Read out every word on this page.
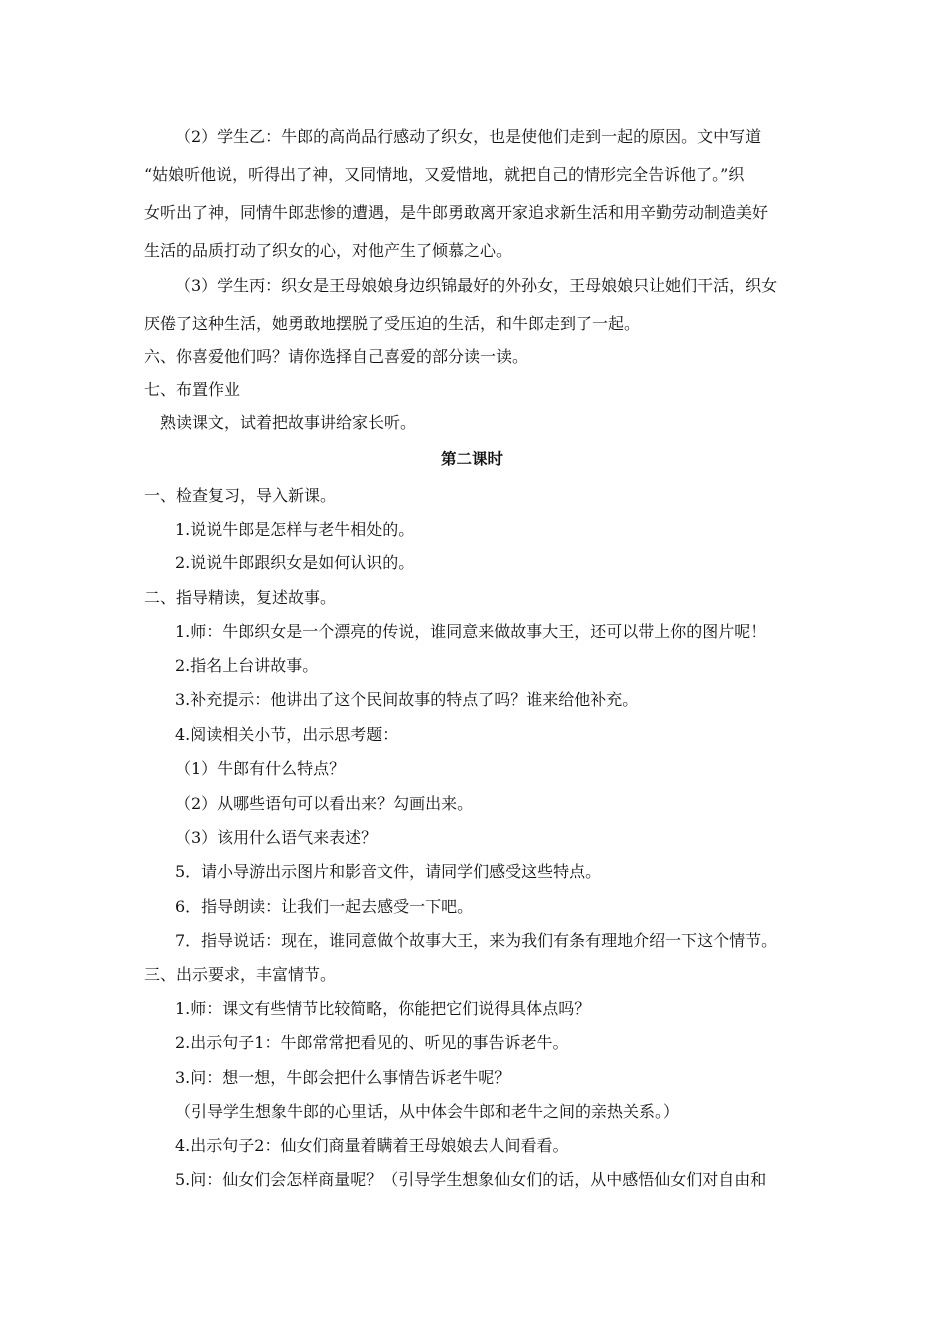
（2）学生乙：牛郎的高尚品行感动了织女，也是使他们走到一起的原因。文中写道
“姑娘听他说，听得出了神，又同情地，又爱惜地，就把自己的情形完全告诉他了。”织
女听出了神，同情牛郎悲惨的遭遇，是牛郎勇敢离开家追求新生活和用辛勤劳动制造美好
生活的品质打动了织女的心，对他产生了倾慕之心。
（3）学生丙：织女是王母娘娘身边织锦最好的外孙女，王母娘娘只让她们干活，织女
厌倦了这种生活，她勇敢地摆脱了受压迫的生活，和牛郎走到了一起。
六、你喜爱他们吗？请你选择自己喜爱的部分读一读。
七、布置作业
熟读课文，试着把故事讲给家长听。
第二课时
一、检查复习，导入新课。
1.说说牛郎是怎样与老牛相处的。
2.说说牛郎跟织女是如何认识的。
二、指导精读，复述故事。
1.师：牛郎织女是一个漂亮的传说，谁同意来做故事大王，还可以带上你的图片呢！
2.指名上台讲故事。
3.补充提示：他讲出了这个民间故事的特点了吗？谁来给他补充。
4.阅读相关小节，出示思考题：
（1）牛郎有什么特点？
（2）从哪些语句可以看出来？勾画出来。
（3）该用什么语气来表述？
5．请小导游出示图片和影音文件，请同学们感受这些特点。
6．指导朗读：让我们一起去感受一下吧。
7．指导说话：现在，谁同意做个故事大王，来为我们有条有理地介绍一下这个情节。
三、出示要求，丰富情节。
1.师：课文有些情节比较简略，你能把它们说得具体点吗？
2.出示句子1：牛郎常常把看见的、听见的事告诉老牛。
3.问：想一想，牛郎会把什么事情告诉老牛呢？
（引导学生想象牛郎的心里话，从中体会牛郎和老牛之间的亲热关系。）
4.出示句子2：仙女们商量着瞒着王母娘娘去人间看看。
5.问：仙女们会怎样商量呢？（引导学生想象仙女们的话，从中感悟仙女们对自由和
